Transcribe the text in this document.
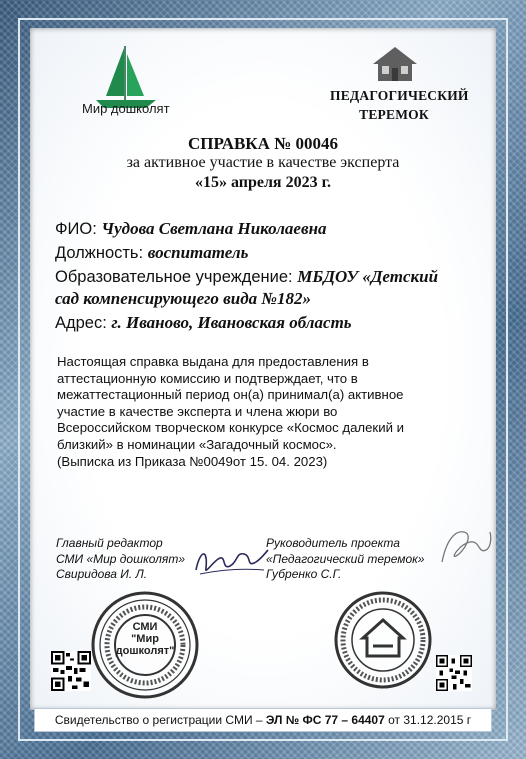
Мир дошколят
ПЕДАГОГИЧЕСКИЙ
ТЕРЕМОК
СПРАВКА № 00046
за активное участие в качестве эксперта
«15» апреля 2023 г.
ФИО: Чудова Светлана Николаевна
Должность: воспитатель
Образовательное учреждение: МБДОУ «Детский
сад компенсирующего вида №182»
Адрес: г. Иваново, Ивановская область
Настоящая справка выдана для предоставления в
аттестационную комиссию и подтверждает, что в
межаттестационный период он(а) принимал(а) активное
участие в качестве эксперта и члена жюри во
Всероссийском творческом конкурсе «Космос далекий и
близкий» в номинации «Загадочный космос».
(Выписка из Приказа №0049от 15. 04. 2023)
Главный редактор
СМИ «Мир дошколят»
Свиридова И. Л.
Руководитель проекта
«Педагогический теремок»
Губренко С.Г.
СМИ
"Мир
дошколят"
Свидетельство о регистрации СМИ – ЭЛ № ФС 77 – 64407 от 31.12.2015 г
